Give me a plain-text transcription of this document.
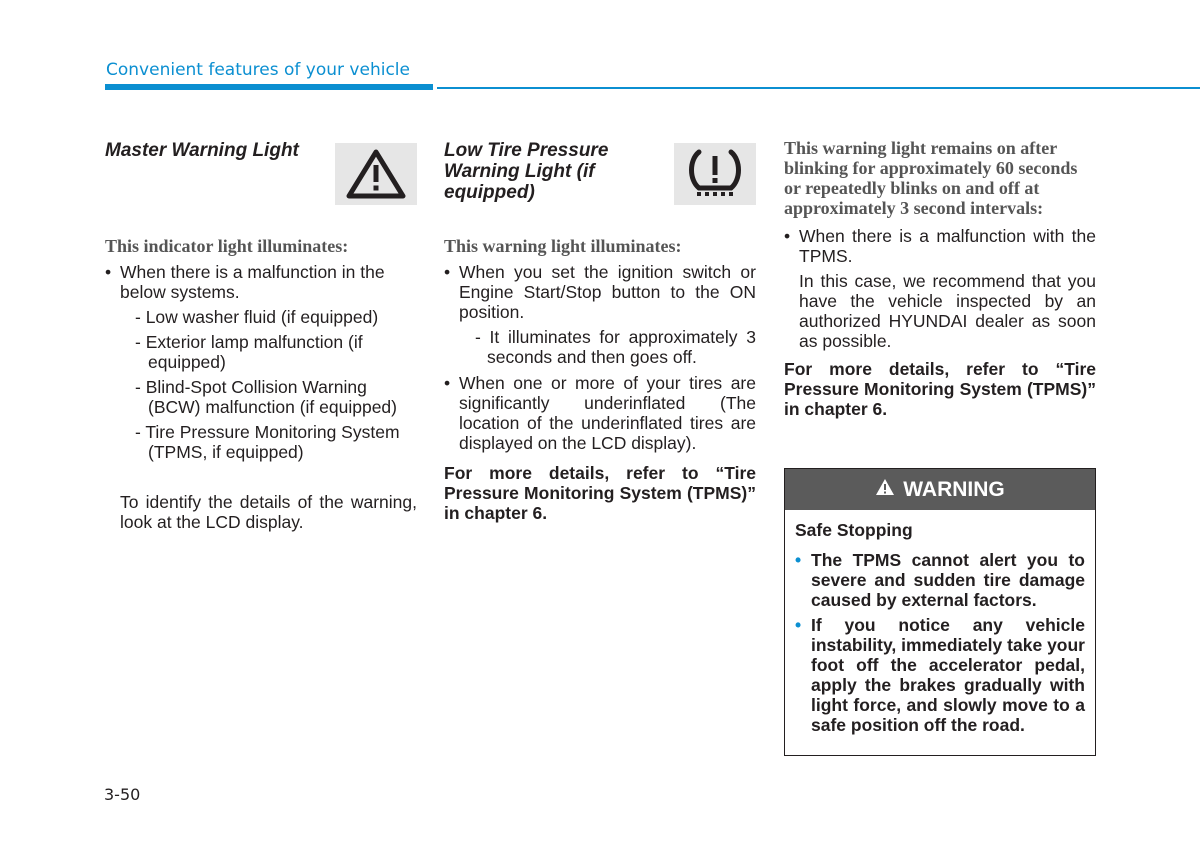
Convenient features of your vehicle
Master Warning Light

This indicator light illuminates:

• When there is a malfunction in the below systems.
- Low washer fluid (if equipped)
- Exterior lamp malfunction (if equipped)
- Blind-Spot Collision Warning (BCW) malfunction (if equipped)
- Tire Pressure Monitoring System (TPMS, if equipped)

To identify the details of the warning, look at the LCD display.

Low Tire Pressure Warning Light (if equipped)

This warning light illuminates:

• When you set the ignition switch or Engine Start/Stop button to the ON position.
- It illuminates for approximately 3 seconds and then goes off.
• When one or more of your tires are significantly underinflated (The location of the underinflated tires are displayed on the LCD display).

For more details, refer to “Tire Pressure Monitoring System (TPMS)” in chapter 6.

This warning light remains on after blinking for approximately 60 seconds or repeatedly blinks on and off at approximately 3 second intervals:

• When there is a malfunction with the TPMS.

In this case, we recommend that you have the vehicle inspected by an authorized HYUNDAI dealer as soon as possible.

For more details, refer to “Tire Pressure Monitoring System (TPMS)” in chapter 6.

WARNING

Safe Stopping

• The TPMS cannot alert you to severe and sudden tire damage caused by external factors.
• If you notice any vehicle instability, immediately take your foot off the accelerator pedal, apply the brakes gradually with light force, and slowly move to a safe position off the road.
3-50
